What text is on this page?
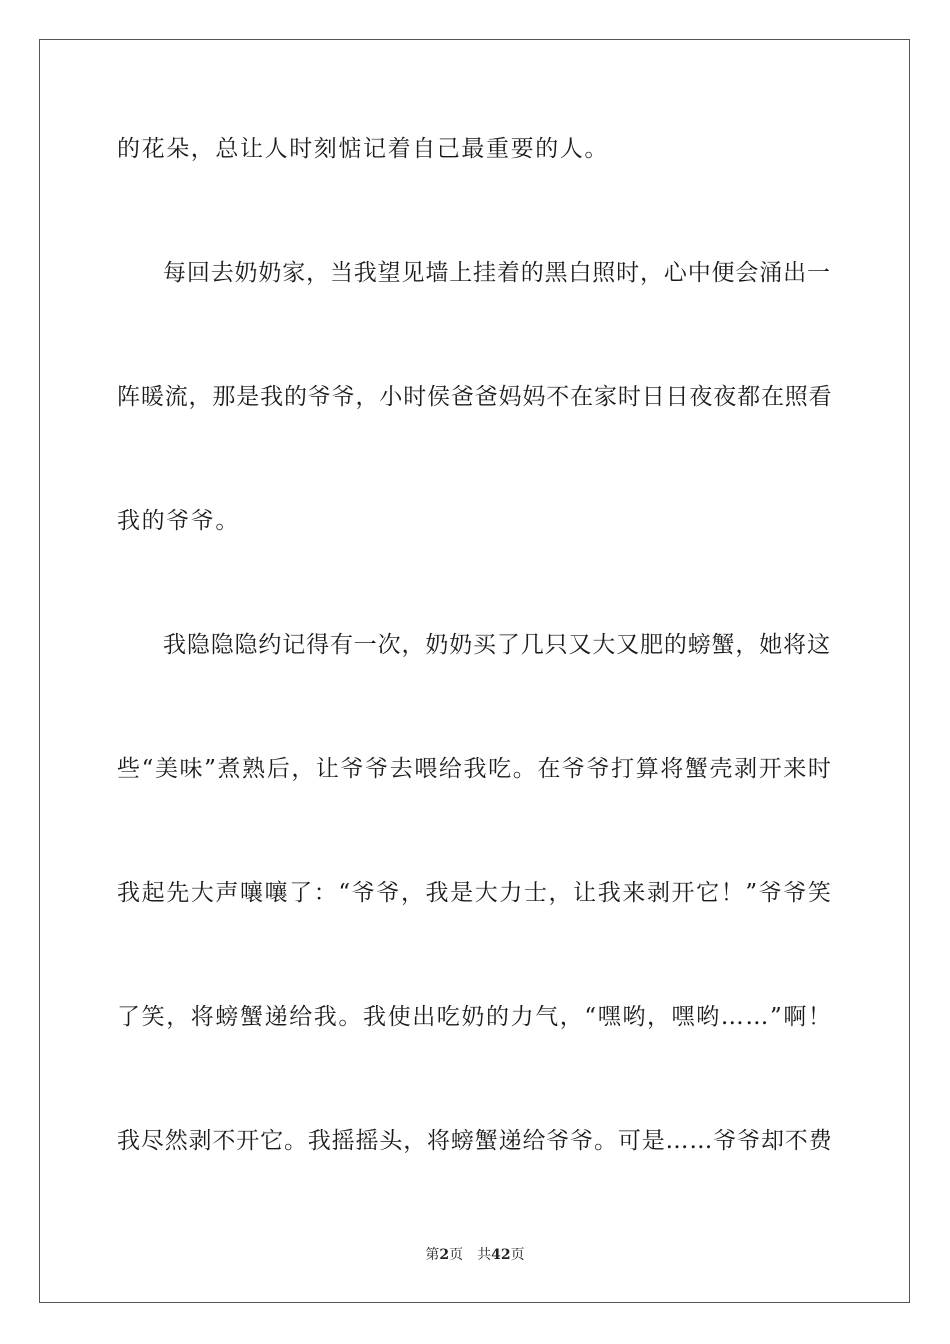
的花朵，总让人时刻惦记着自己最重要的人。

每回去奶奶家，当我望见墙上挂着的黑白照时，心中便会涌出一

阵暖流，那是我的爷爷，小时侯爸爸妈妈不在家时日日夜夜都在照看

我的爷爷。

我隐隐隐约记得有一次，奶奶买了几只又大又肥的螃蟹，她将这

些“美味”煮熟后，让爷爷去喂给我吃。在爷爷打算将蟹壳剥开来时

我起先大声嚷嚷了：“爷爷，我是大力士，让我来剥开它！”爷爷笑

了笑，将螃蟹递给我。我使出吃奶的力气，“嘿哟，嘿哟……”啊！

我尽然剥不开它。我摇摇头，将螃蟹递给爷爷。可是……爷爷却不费

第2页 共42页
